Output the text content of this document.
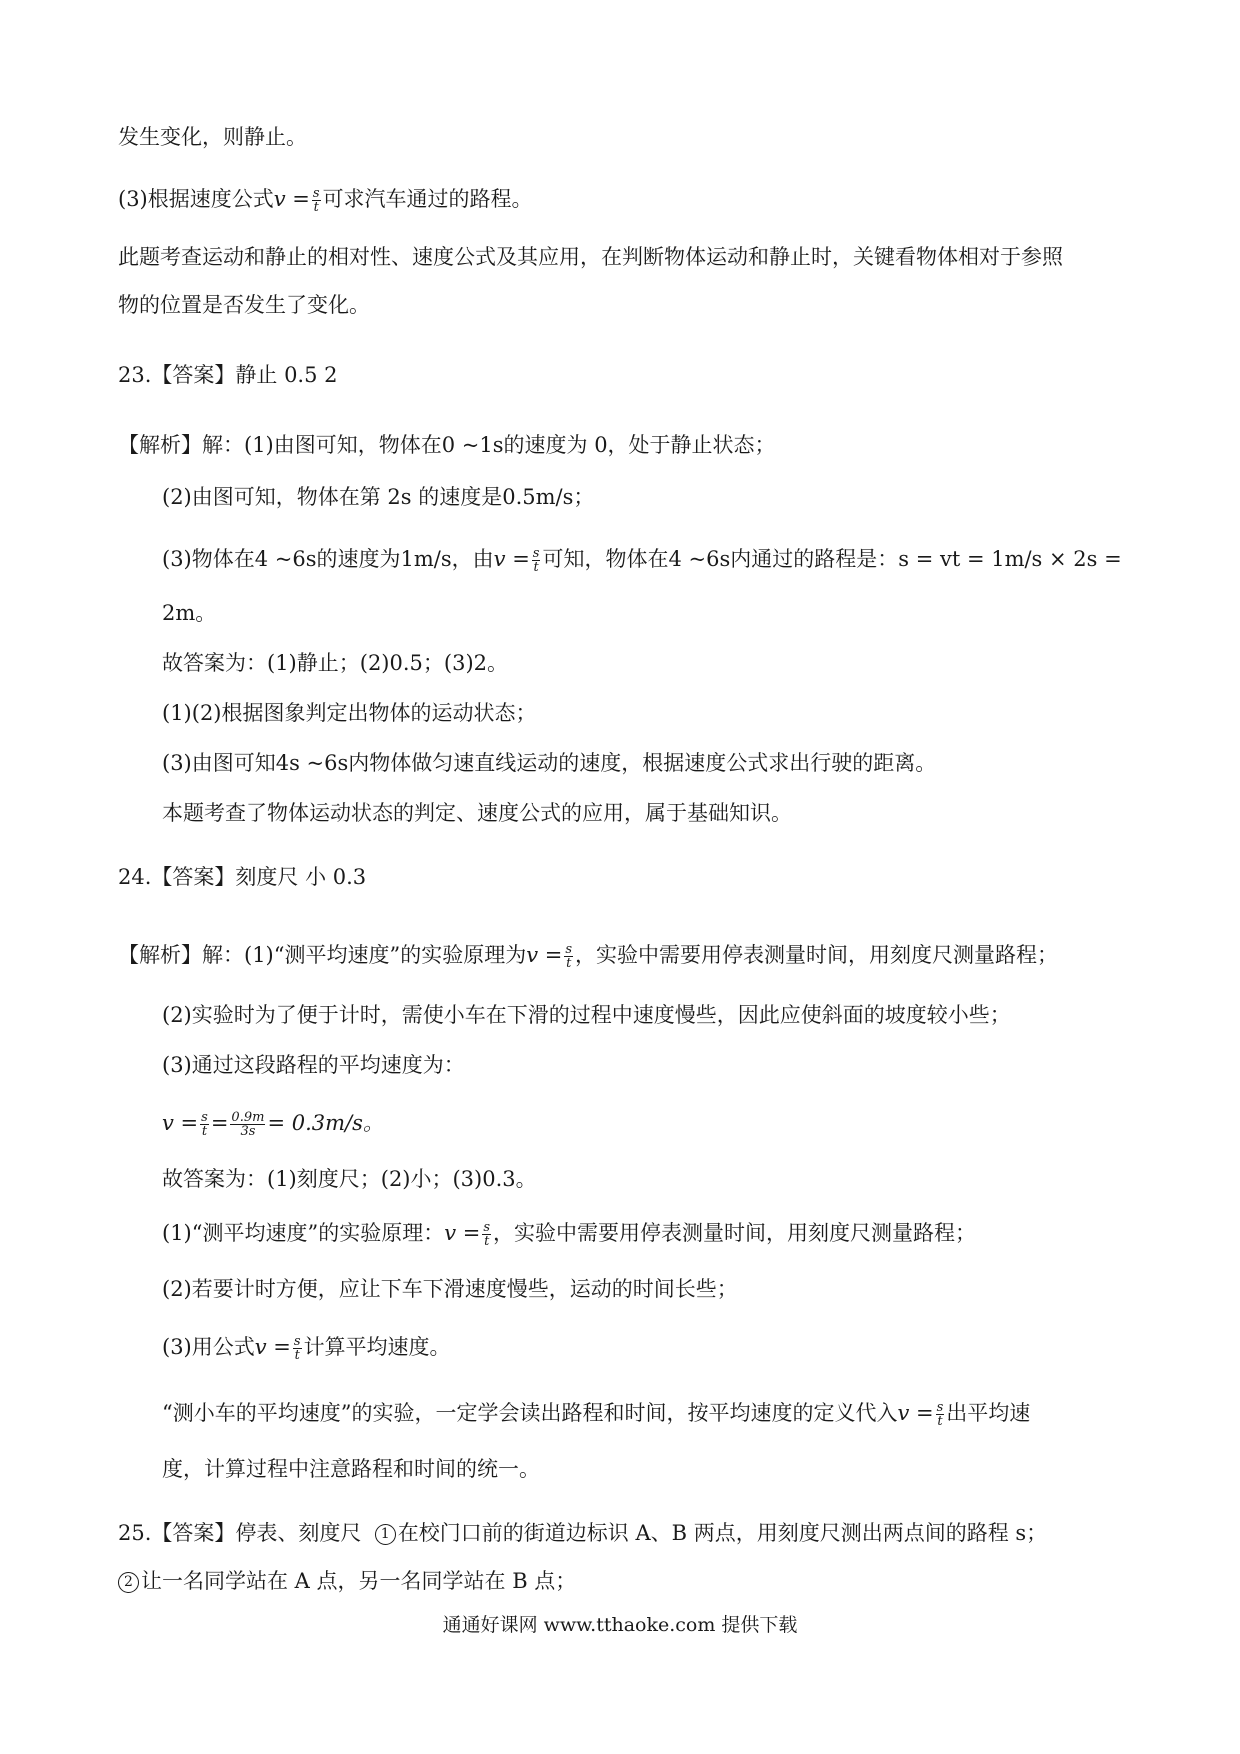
发生变化，则静止。
(3)根据速度公式$v = \frac{s}{t}$ 可求汽车通过的路程。
此题考查运动和静止的相对性、速度公式及其应用，在判断物体运动和静止时，关键看物体相对于参照
物的位置是否发生了变化。
23.【答案】静止 0.5 2
【解析】解：(1)由图可知，物体在0 ~1s的速度为 0，处于静止状态；
(2)由图可知，物体在第 2s 的速度是0.5m/s；
(3)物体在4 ~6s的速度为1m/s，由$v = \frac{s}{t}$ 可知，物体在4 ~6s内通过的路程是：s = vt = 1m/s × 2s =
2m。
故答案为：(1)静止；(2)0.5；(3)2。
(1)(2)根据图象判定出物体的运动状态；
(3)由图可知4s ~6s内物体做匀速直线运动的速度，根据速度公式求出行驶的距离。
本题考查了物体运动状态的判定、速度公式的应用，属于基础知识。
24.【答案】刻度尺 小 0.3
【解析】解：(1)“测平均速度”的实验原理为$v = \frac{s}{t}$ ，实验中需要用停表测量时间，用刻度尺测量路程；
(2)实验时为了便于计时，需使小车在下滑的过程中速度慢些，因此应使斜面的坡度较小些；
(3)通过这段路程的平均速度为：
$v = \frac{s}{t} = \frac{0.9m}{3s} = 0.3m/s$。
故答案为：(1)刻度尺；(2)小；(3)0.3。
(1)“测平均速度”的实验原理：$v = \frac{s}{t}$ ，实验中需要用停表测量时间，用刻度尺测量路程；
(2)若要计时方便，应让下车下滑速度慢些，运动的时间长些；
(3)用公式$v = \frac{s}{t}$ 计算平均速度。
“测小车的平均速度”的实验，一定学会读出路程和时间，按平均速度的定义代入$v = \frac{s}{t}$ 出平均速
度，计算过程中注意路程和时间的统一。
25.【答案】停表、刻度尺 1 在校门口前的街道边标识 A、B 两点，用刻度尺测出两点间的路程 s；
2 让一名同学站在 A 点，另一名同学站在 B 点；
通通好课网 www.tthaoke.com 提供下载
